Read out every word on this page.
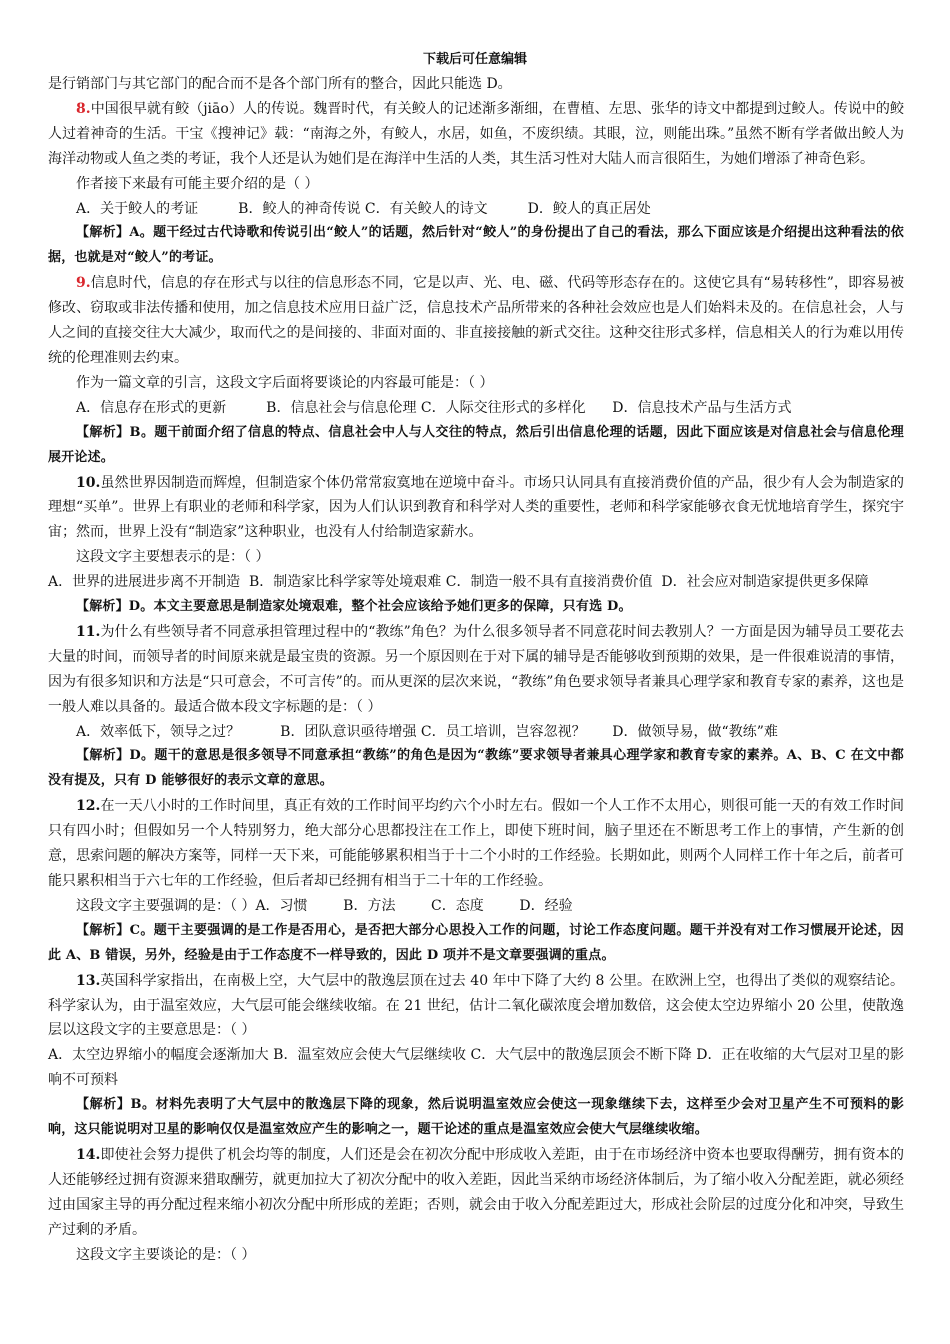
下载后可任意编辑

是行销部门与其它部门的配合而不是各个部门所有的整合，因此只能选 D。

8.中国很早就有鲛（jiāo）人的传说。魏晋时代，有关鲛人的记述渐多渐细，在曹植、左思、张华的诗文中都提到过鲛人。传说中的鲛人过着神奇的生活。干宝《搜神记》载：“南海之外，有鲛人，水居，如鱼，不废织绩。其眼，泣，则能出珠。”虽然不断有学者做出鲛人为海洋动物或人鱼之类的考证，我个人还是认为她们是在海洋中生活的人类，其生活习性对大陆人而言很陌生，为她们增添了神奇色彩。

作者接下来最有可能主要介绍的是（ ）

A．关于鲛人的考证         B．鲛人的神奇传说 C．有关鲛人的诗文         D．鲛人的真正居处

【解析】A。题干经过古代诗歌和传说引出“鲛人”的话题，然后针对“鲛人”的身份提出了自己的看法，那么下面应该是介绍提出这种看法的依据，也就是对“鲛人”的考证。

9.信息时代，信息的存在形式与以往的信息形态不同，它是以声、光、电、磁、代码等形态存在的。这使它具有“易转移性”，即容易被修改、窃取或非法传播和使用，加之信息技术应用日益广泛，信息技术产品所带来的各种社会效应也是人们始料未及的。在信息社会，人与人之间的直接交往大大减少，取而代之的是间接的、非面对面的、非直接接触的新式交往。这种交往形式多样，信息相关人的行为难以用传统的伦理准则去约束。

作为一篇文章的引言，这段文字后面将要谈论的内容最可能是：（ ）

A．信息存在形式的更新         B．信息社会与信息伦理 C．人际交往形式的多样化      D．信息技术产品与生活方式

【解析】B。题干前面介绍了信息的特点、信息社会中人与人交往的特点，然后引出信息伦理的话题，因此下面应该是对信息社会与信息伦理展开论述。

10.虽然世界因制造而辉煌，但制造家个体仍常常寂寞地在逆境中奋斗。市场只认同具有直接消费价值的产品，很少有人会为制造家的理想“买单”。世界上有职业的老师和科学家，因为人们认识到教育和科学对人类的重要性，老师和科学家能够衣食无忧地培育学生，探究宇宙；然而，世界上没有“制造家”这种职业，也没有人付给制造家薪水。

这段文字主要想表示的是：（ ）

A．世界的进展进步离不开制造  B．制造家比科学家等处境艰难 C．制造一般不具有直接消费价值  D．社会应对制造家提供更多保障

【解析】D。本文主要意思是制造家处境艰难，整个社会应该给予她们更多的保障，只有选 D。

11.为什么有些领导者不同意承担管理过程中的“教练”角色？为什么很多领导者不同意花时间去教别人？一方面是因为辅导员工要花去大量的时间，而领导者的时间原来就是最宝贵的资源。另一个原因则在于对下属的辅导是否能够收到预期的效果，是一件很难说清的事情，因为有很多知识和方法是“只可意会，不可言传”的。而从更深的层次来说，“教练”角色要求领导者兼具心理学家和教育专家的素养，这也是一般人难以具备的。最适合做本段文字标题的是：（ ）

A．效率低下，领导之过？         B．团队意识亟待增强 C．员工培训，岂容忽视？      D．做领导易，做“教练”难

【解析】D。题干的意思是很多领导不同意承担“教练”的角色是因为“教练”要求领导者兼具心理学家和教育专家的素养。A、B、C 在文中都没有提及，只有 D 能够很好的表示文章的意思。

12.在一天八小时的工作时间里，真正有效的工作时间平均约六个小时左右。假如一个人工作不太用心，则很可能一天的有效工作时间只有四小时；但假如另一个人特别努力，绝大部分心思都投注在工作上，即使下班时间，脑子里还在不断思考工作上的事情，产生新的创意，思索问题的解决方案等，同样一天下来，可能能够累积相当于十二个小时的工作经验。长期如此，则两个人同样工作十年之后，前者可能只累积相当于六七年的工作经验，但后者却已经拥有相当于二十年的工作经验。

这段文字主要强调的是：（ ）A．习惯        B．方法        C．态度        D．经验

【解析】C。题干主要强调的是工作是否用心，是否把大部分心思投入工作的问题，讨论工作态度问题。题干并没有对工作习惯展开论述，因此 A、B 错误，另外，经验是由于工作态度不一样导致的，因此 D 项并不是文章要强调的重点。

13.英国科学家指出，在南极上空，大气层中的散逸层顶在过去 40 年中下降了大约 8 公里。在欧洲上空，也得出了类似的观察结论。科学家认为，由于温室效应，大气层可能会继续收缩。在 21 世纪，估计二氧化碳浓度会增加数倍，这会使太空边界缩小 20 公里，使散逸层以这段文字的主要意思是：（ ）

A．太空边界缩小的幅度会逐渐加大 B．温室效应会使大气层继续收 C．大气层中的散逸层顶会不断下降 D．正在收缩的大气层对卫星的影响不可预料

【解析】B。材料先表明了大气层中的散逸层下降的现象，然后说明温室效应会使这一现象继续下去，这样至少会对卫星产生不可预料的影响，这只能说明对卫星的影响仅仅是温室效应产生的影响之一，题干论述的重点是温室效应会使大气层继续收缩。

14.即使社会努力提供了机会均等的制度，人们还是会在初次分配中形成收入差距，由于在市场经济中资本也要取得酬劳，拥有资本的人还能够经过拥有资源来猎取酬劳，就更加拉大了初次分配中的收入差距，因此当采纳市场经济体制后，为了缩小收入分配差距，就必须经过由国家主导的再分配过程来缩小初次分配中所形成的差距；否则，就会由于收入分配差距过大，形成社会阶层的过度分化和冲突，导致生产过剩的矛盾。

这段文字主要谈论的是：（ ）
